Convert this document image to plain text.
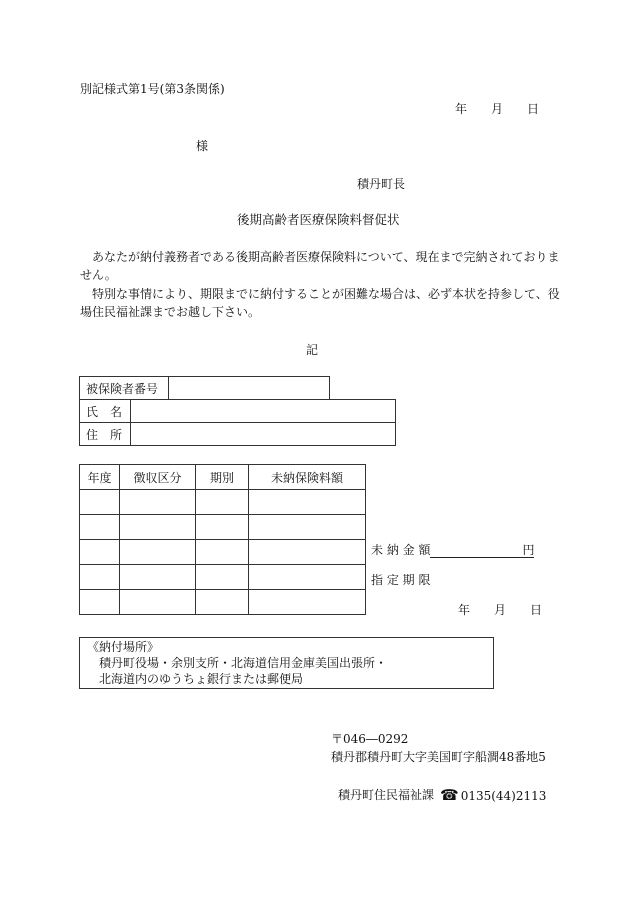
別記様式第1号(第3条関係)
年　　月　　日
様
積丹町長
後期高齢者医療保険料督促状
　あなたが納付義務者である後期高齢者医療保険料について、現在まで完納されておりま
せん。
　特別な事情により、期限までに納付することが困難な場合は、必ず本状を持参して、役
場住民福祉課までお越し下さい。
記
被保険者番号	
氏　名	
住　所	
年度	徴収区分	期別	未納保険料額

未 納 金 額	円
指 定 期 限
年　　月　　日
《納付場所》
積丹町役場・余別支所・北海道信用金庫美国出張所・
北海道内のゆうちょ銀行または郵便局
〒046―0292
積丹郡積丹町大字美国町字船澗48番地5
積丹町住民福祉課 ☎ 0135(44)2113
